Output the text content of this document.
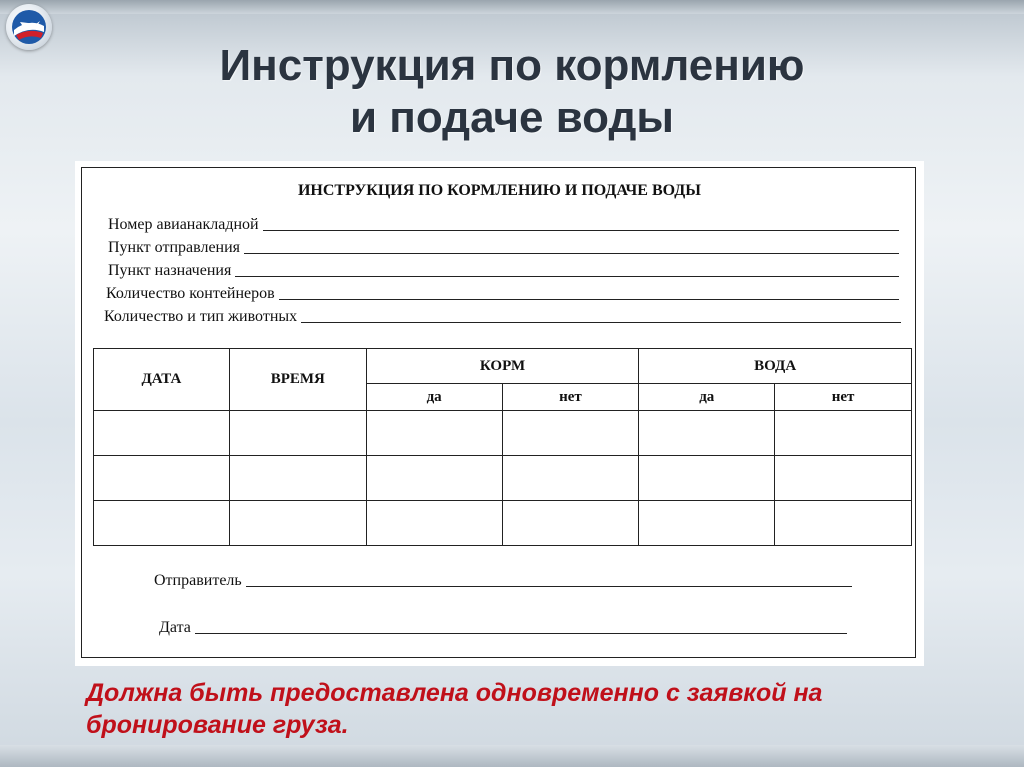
Инструкция по кормлению
и подаче воды
ИНСТРУКЦИЯ ПО КОРМЛЕНИЮ И ПОДАЧЕ ВОДЫ
Номер авианакладной
Пункт отправления
Пункт назначения
Количество контейнеров
Количество и тип животных
ДАТА	ВРЕМЯ	КОРМ		ВОДА	
		да	нет	да	нет

Отправитель
Дата
Должна быть предоставлена одновременно с заявкой на бронирование груза.
